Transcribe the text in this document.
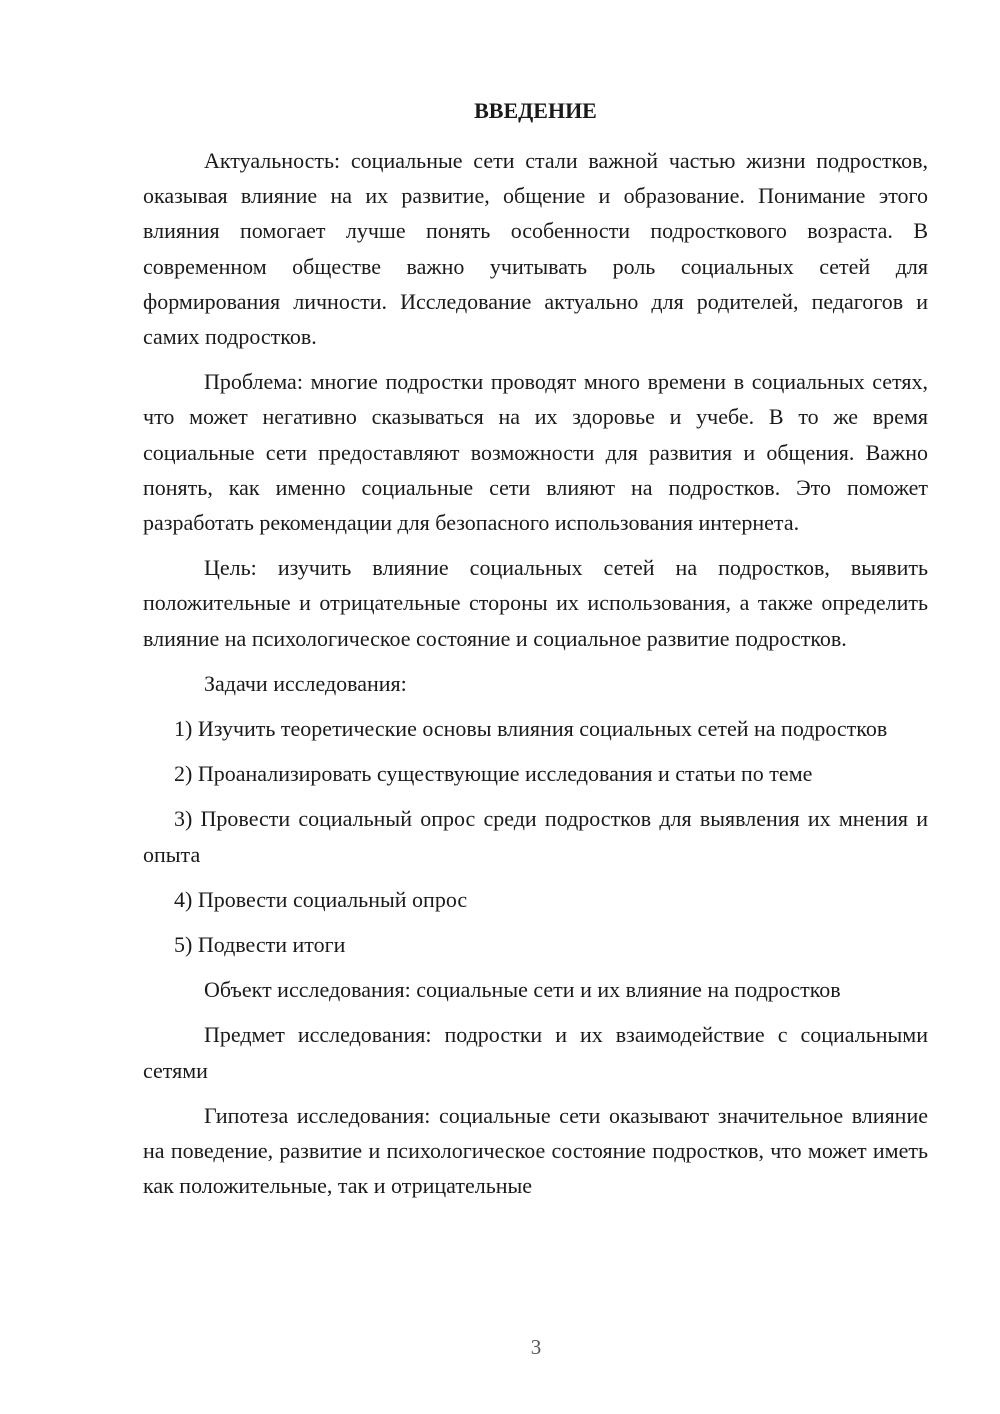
ВВЕДЕНИЕ

Актуальность: социальные сети стали важной частью жизни подростков, оказывая влияние на их развитие, общение и образование. Понимание этого влияния помогает лучше понять особенности подросткового возраста. В современном обществе важно учитывать роль социальных сетей для формирования личности. Исследование актуально для родителей, педагогов и самих подростков.

Проблема: многие подростки проводят много времени в социальных сетях, что может негативно сказываться на их здоровье и учебе. В то же время социальные сети предоставляют возможности для развития и общения. Важно понять, как именно социальные сети влияют на подростков. Это поможет разработать рекомендации для безопасного использования интернета.

Цель: изучить влияние социальных сетей на подростков, выявить положительные и отрицательные стороны их использования, а также определить влияние на психологическое состояние и социальное развитие подростков.

Задачи исследования:

1) Изучить теоретические основы влияния социальных сетей на подростков

2) Проанализировать существующие исследования и статьи по теме

3) Провести социальный опрос среди подростков для выявления их мнения и опыта

4) Провести социальный опрос

5) Подвести итоги

Объект исследования: социальные сети и их влияние на подростков

Предмет исследования: подростки и их взаимодействие с социальными сетями

Гипотеза исследования: социальные сети оказывают значительное влияние на поведение, развитие и психологическое состояние подростков, что может иметь как положительные, так и отрицательные

3
